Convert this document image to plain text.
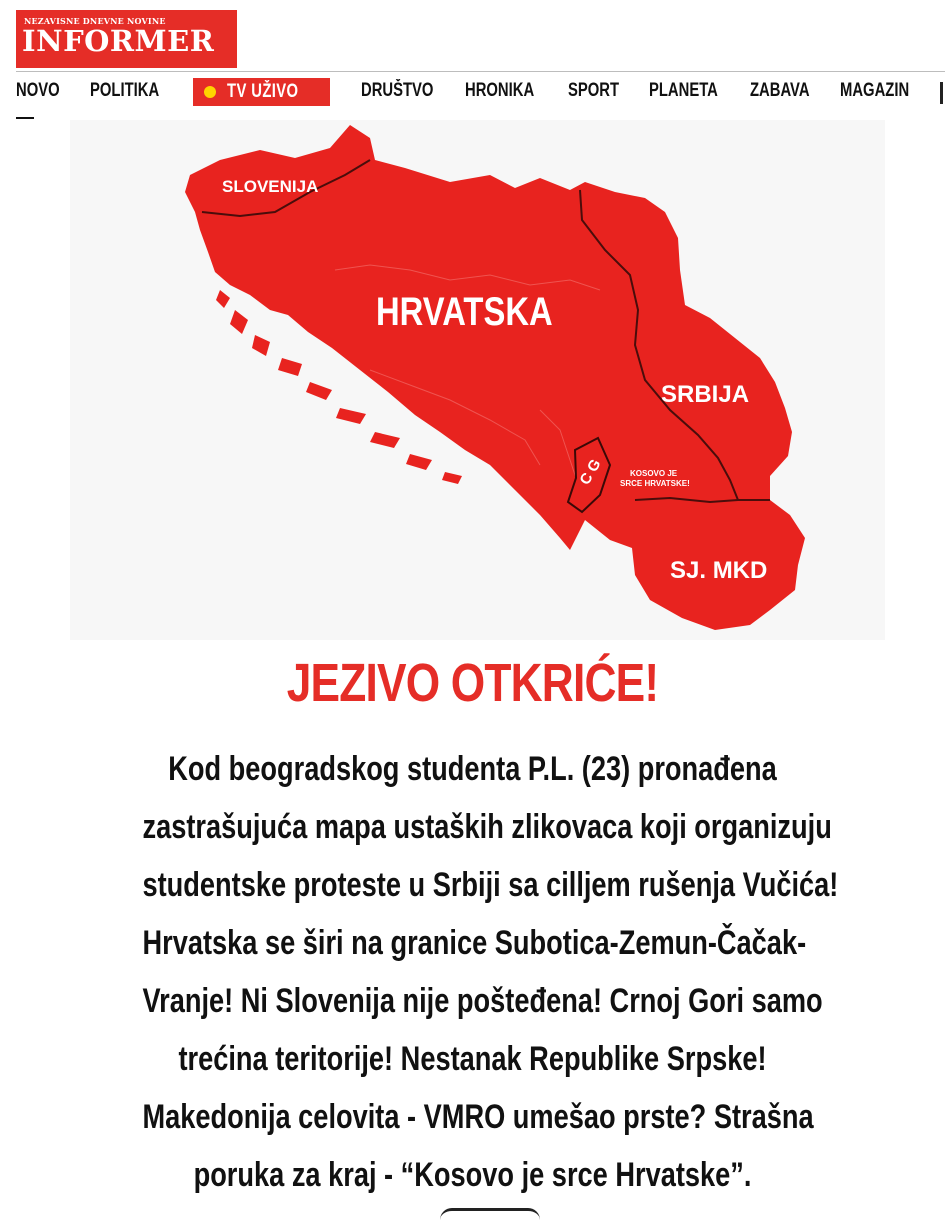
NEZAVISNE DNEVNE NOVINE
INFORMER
NOVO POLITIKA	TV UŽIVO	DRUŠTVO HRONIKA SPORT PLANETA ZABAVA MAGAZIN
SLOVENIJA
HRVATSKA
SRBIJA
C G	KOSOVO JE
SRCE HRVATSKE!
SJ. MKD
JEZIVO OTKRIĆE!
Kod beogradskog studenta P.L. (23) pronađena
zastrašujuća mapa ustaških zlikovaca koji organizuju
studentske proteste u Srbiji sa cilljem rušenja Vučića!
Hrvatska se širi na granice Subotica-Zemun-Čačak-
Vranje! Ni Slovenija nije pošteđena! Crnoj Gori samo
trećina teritorije! Nestanak Republike Srpske!
Makedonija celovita - VMRO umešao prste? Strašna
poruka za kraj - “Kosovo je srce Hrvatske”.
